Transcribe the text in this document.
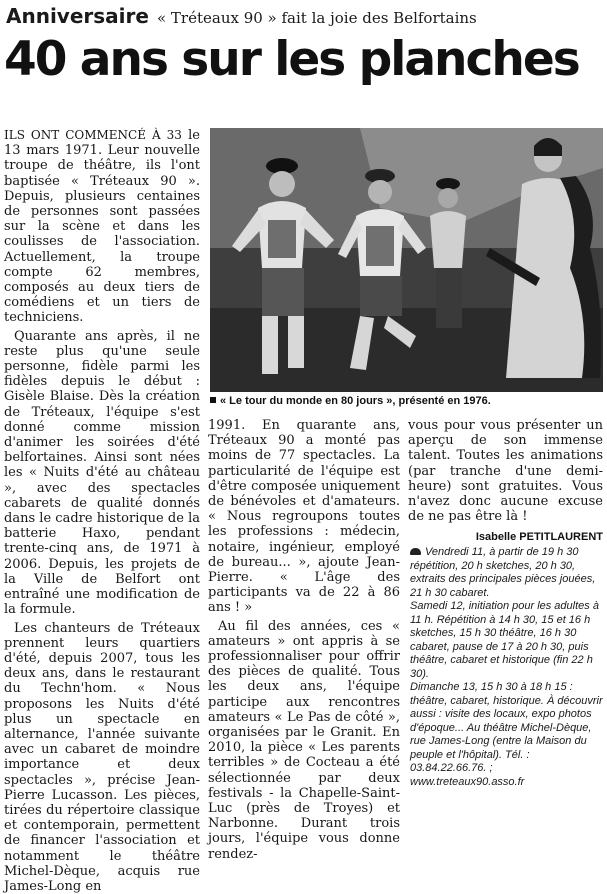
Anniversaire « Tréteaux 90 » fait la joie des Belfortains
40 ans sur les planches

ILS ONT COMMENCÉ À 33 le 13 mars 1971. Leur nouvelle troupe de théâtre, ils l'ont baptisée « Tréteaux 90 ». Depuis, plusieurs centaines de personnes sont passées sur la scène et dans les coulisses de l'association. Actuellement, la troupe compte 62 membres, composés au deux tiers de comédiens et un tiers de techniciens.

Quarante ans après, il ne reste plus qu'une seule personne, fidèle parmi les fidèles depuis le début : Gisèle Blaise. Dès la création de Tréteaux, l'équipe s'est donné comme mission d'animer les soirées d'été belfortaines. Ainsi sont nées les « Nuits d'été au château », avec des spectacles cabarets de qualité donnés dans le cadre historique de la batterie Haxo, pendant trente-cinq ans, de 1971 à 2006. Depuis, les projets de la Ville de Belfort ont entraîné une modification de la formule.

Les chanteurs de Tréteaux prennent leurs quartiers d'été, depuis 2007, tous les deux ans, dans le restaurant du Techn'hom. « Nous proposons les Nuits d'été plus un spectacle en alternance, l'année suivante avec un cabaret de moindre importance et deux spectacles », précise Jean-Pierre Lucasson. Les pièces, tirées du répertoire classique et contemporain, permettent de financer l'association et notamment le théâtre Michel-Dèque, acquis rue James-Long en

« Le tour du monde en 80 jours », présenté en 1976.

1991. En quarante ans, Tréteaux 90 a monté pas moins de 77 spectacles. La particularité de l'équipe est d'être composée uniquement de bénévoles et d'amateurs. « Nous regroupons toutes les professions : médecin, notaire, ingénieur, employé de bureau... », ajoute Jean-Pierre. « L'âge des participants va de 22 à 86 ans ! »

Au fil des années, ces « amateurs » ont appris à se professionnaliser pour offrir des pièces de qualité. Tous les deux ans, l'équipe participe aux rencontres amateurs « Le Pas de côté », organisées par le Granit. En 2010, la pièce « Les parents terribles » de Cocteau a été sélectionnée par deux festivals - la Chapelle-Saint-Luc (près de Troyes) et Narbonne. Durant trois jours, l'équipe vous donne rendez-

vous pour vous présenter un aperçu de son immense talent. Toutes les animations (par tranche d'une demi-heure) sont gratuites. Vous n'avez donc aucune excuse de ne pas être là !

Isabelle PETITLAURENT

Vendredi 11, à partir de 19 h 30 répétition, 20 h sketches, 20 h 30, extraits des principales pièces jouées, 21 h 30 cabaret.

Samedi 12, initiation pour les adultes à 11 h. Répétition à 14 h 30, 15 et 16 h sketches, 15 h 30 théâtre, 16 h 30 cabaret, pause de 17 à 20 h 30, puis théâtre, cabaret et historique (fin 22 h 30).

Dimanche 13, 15 h 30 à 18 h 15 : théâtre, cabaret, historique. À découvrir aussi : visite des locaux, expo photos d'époque... Au théâtre Michel-Dèque, rue James-Long (entre la Maison du peuple et l'hôpital). Tél. : 03.84.22.66.76. ; www.treteaux90.asso.fr
